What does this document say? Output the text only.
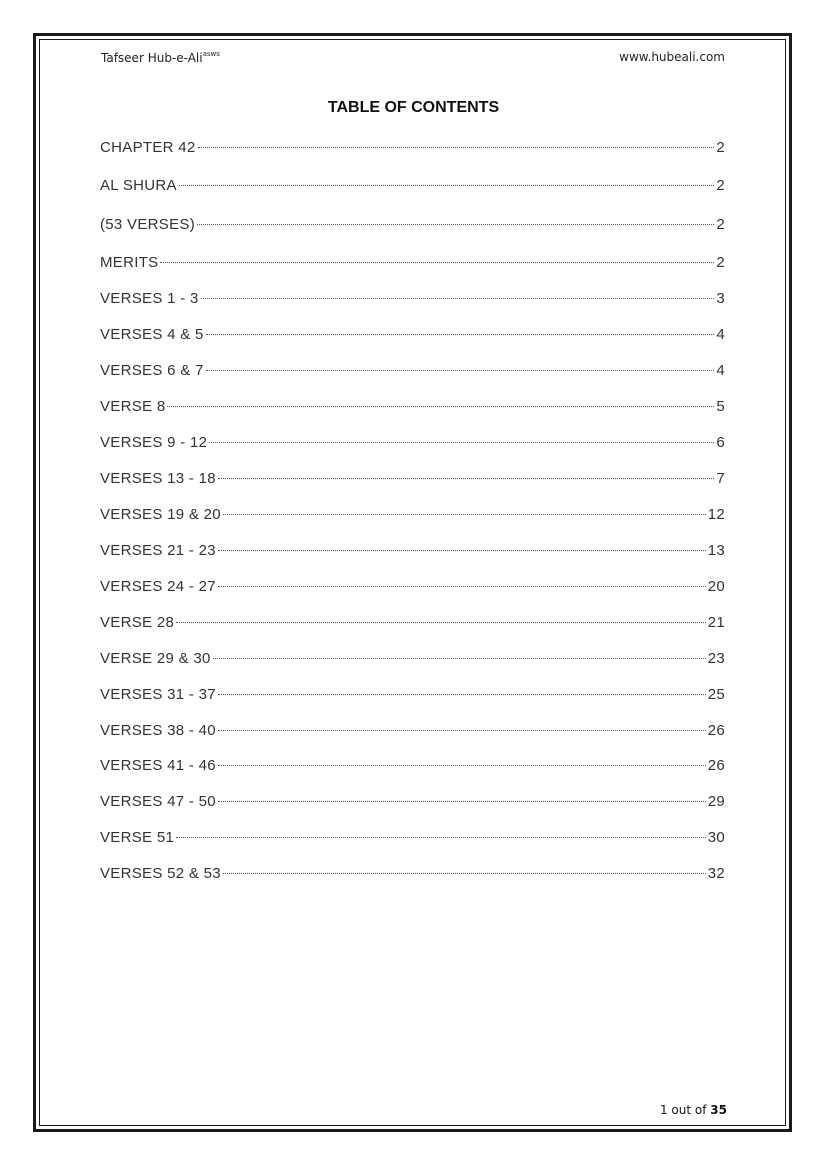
Tafseer Hub-e-Ali$^{asws}$	www.hubeali.com
TABLE OF CONTENTS
CHAPTER 42	2
AL SHURA	2
(53 VERSES)	2
MERITS	2
VERSES 1 - 3	3
VERSES 4 & 5	4
VERSES 6 & 7	4
VERSE 8	5
VERSES 9 - 12	6
VERSES 13 - 18	7
VERSES 19 & 20	12
VERSES 21 - 23	13
VERSES 24 - 27	20
VERSE 28	21
VERSE 29 & 30	23
VERSES 31 - 37	25
VERSES 38 - 40	26
VERSES 41 - 46	26
VERSES 47 - 50	29
VERSE 51	30
VERSES 52 & 53	32
1 out of 35
